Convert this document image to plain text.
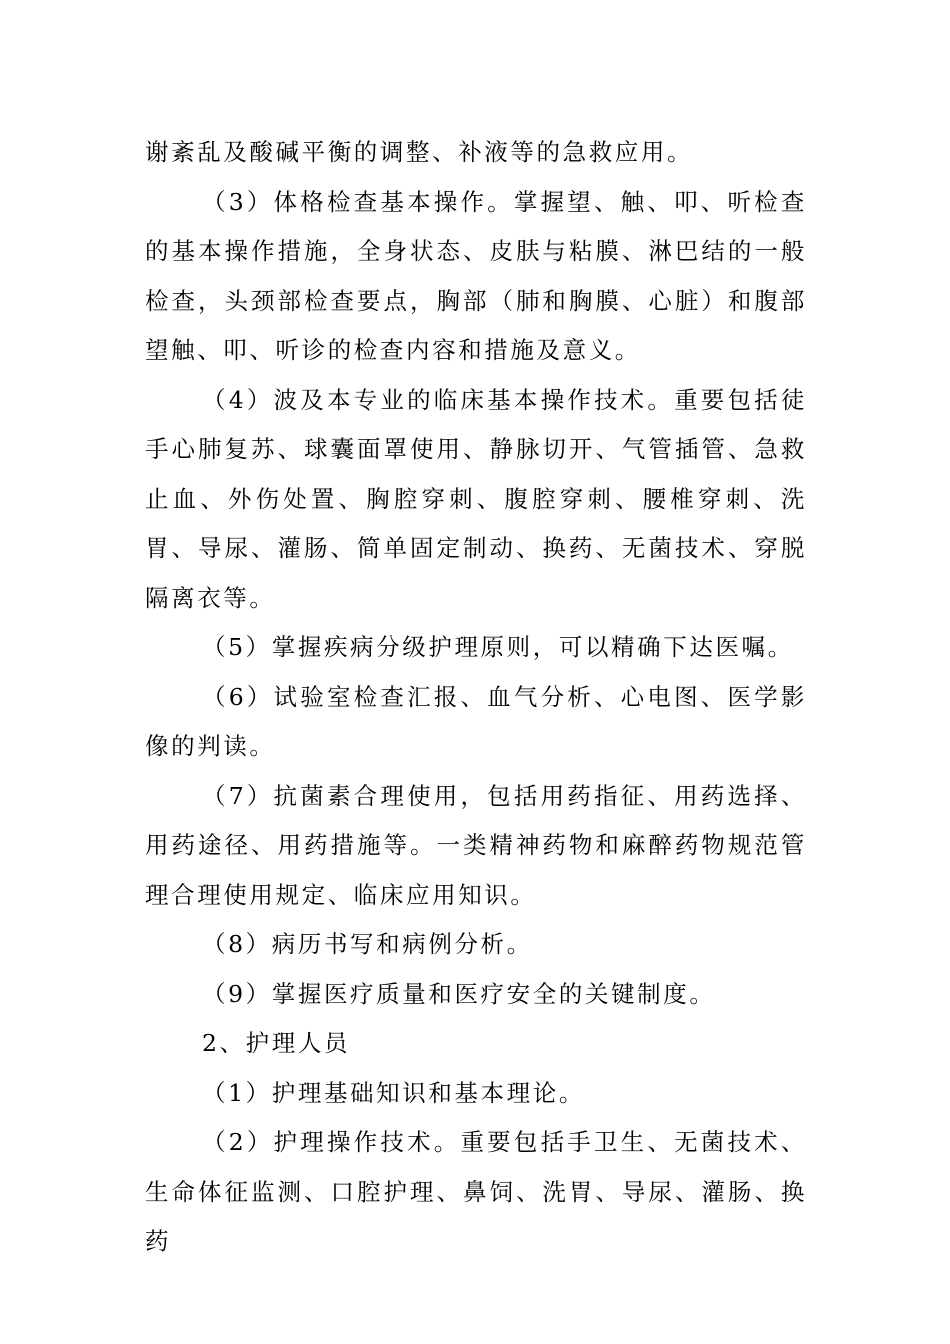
谢紊乱及酸碱平衡的调整、补液等的急救应用。

（3）体格检查基本操作。掌握望、触、叩、听检查的基本操作措施，全身状态、皮肤与粘膜、淋巴结的一般检查，头颈部检查要点，胸部（肺和胸膜、心脏）和腹部望触、叩、听诊的检查内容和措施及意义。

（4）波及本专业的临床基本操作技术。重要包括徒手心肺复苏、球囊面罩使用、静脉切开、气管插管、急救止血、外伤处置、胸腔穿刺、腹腔穿刺、腰椎穿刺、洗胃、导尿、灌肠、简单固定制动、换药、无菌技术、穿脱隔离衣等。

（5）掌握疾病分级护理原则，可以精确下达医嘱。

（6）试验室检查汇报、血气分析、心电图、医学影像的判读。

（7）抗菌素合理使用，包括用药指征、用药选择、用药途径、用药措施等。一类精神药物和麻醉药物规范管理合理使用规定、临床应用知识。

（8）病历书写和病例分析。

（9）掌握医疗质量和医疗安全的关键制度。

2、护理人员

（1）护理基础知识和基本理论。

（2）护理操作技术。重要包括手卫生、无菌技术、生命体征监测、口腔护理、鼻饲、洗胃、导尿、灌肠、换药
